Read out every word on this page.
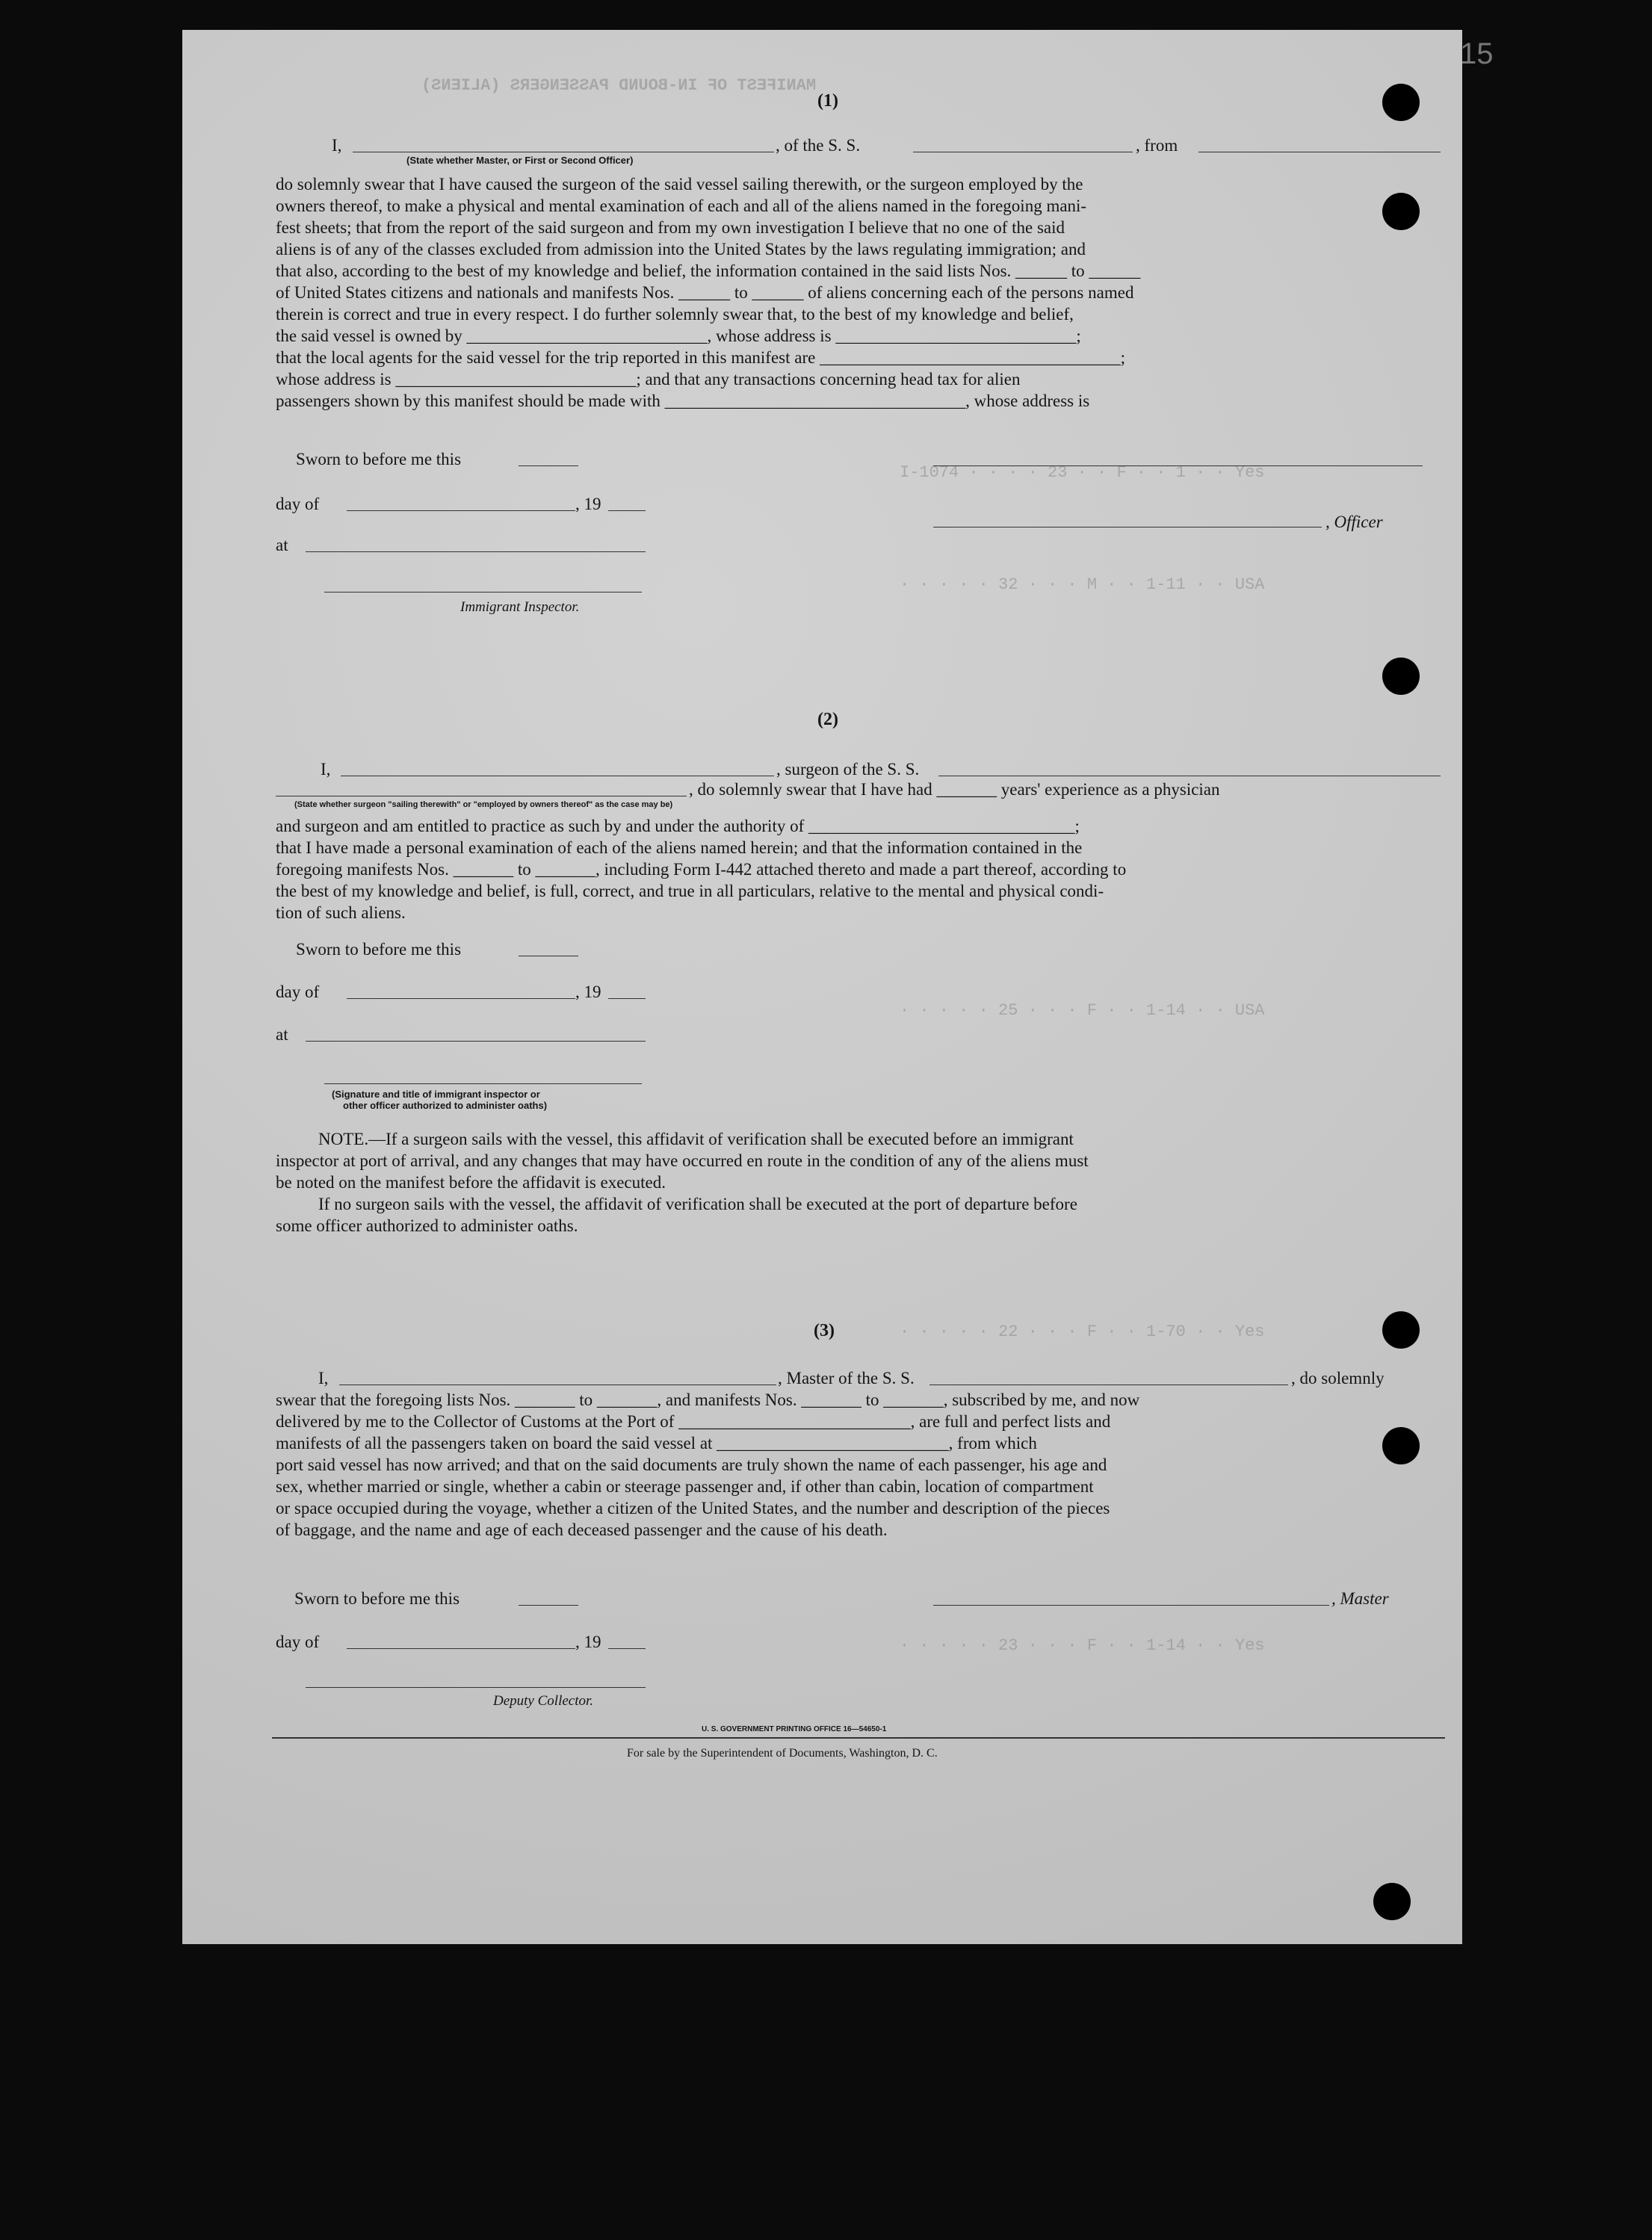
MANIFEST OF IN-BOUND PASSENGERS (ALIENS)
I-1074 · · · · 23 · · F · · 1 · · Yes
· · · · · 32 · · · M · · 1-11 · · USA
· · · · · 25 · · · F · · 1-14 · · USA
· · · · · 22 · · · F · · 1-70 · · Yes
· · · · · 23 · · · F · · 1-14 · · Yes
15
(1)
I,
(State whether Master, or First or Second Officer)
, of the S. S.	, from
do solemnly swear that I have caused the surgeon of the said vessel sailing therewith, or the surgeon employed by the
owners thereof, to make a physical and mental examination of each and all of the aliens named in the foregoing mani-
fest sheets; that from the report of the said surgeon and from my own investigation I believe that no one of the said
aliens is of any of the classes excluded from admission into the United States by the laws regulating immigration; and
that also, according to the best of my knowledge and belief, the information contained in the said lists Nos. ______ to ______
of United States citizens and nationals and manifests Nos. ______ to ______ of aliens concerning each of the persons named
therein is correct and true in every respect. I do further solemnly swear that, to the best of my knowledge and belief,
the said vessel is owned by ____________________________, whose address is ____________________________;
that the local agents for the said vessel for the trip reported in this manifest are ___________________________________;
whose address is ____________________________; and that any transactions concerning head tax for alien
passengers shown by this manifest should be made with ___________________________________, whose address is
Sworn to before me this
day of	, 19
, Officer
at
Immigrant Inspector.
(2)
I,	, surgeon of the S. S.
, do solemnly swear that I have had _______ years' experience as a physician
(State whether surgeon "sailing therewith" or "employed by owners thereof" as the case may be)
and surgeon and am entitled to practice as such by and under the authority of _______________________________;
that I have made a personal examination of each of the aliens named herein; and that the information contained in the
foregoing manifests Nos. _______ to _______, including Form I-442 attached thereto and made a part thereof, according to
the best of my knowledge and belief, is full, correct, and true in all particulars, relative to the mental and physical condi-
tion of such aliens.
Sworn to before me this
day of	, 19
at
(Signature and title of immigrant inspector or
other officer authorized to administer oaths)
NOTE.—If a surgeon sails with the vessel, this affidavit of verification shall be executed before an immigrant
inspector at port of arrival, and any changes that may have occurred en route in the condition of any of the aliens must
be noted on the manifest before the affidavit is executed.
If no surgeon sails with the vessel, the affidavit of verification shall be executed at the port of departure before
some officer authorized to administer oaths.
(3)
I,	, Master of the S. S.	, do solemnly
swear that the foregoing lists Nos. _______ to _______, and manifests Nos. _______ to _______, subscribed by me, and now
delivered by me to the Collector of Customs at the Port of ___________________________, are full and perfect lists and
manifests of all the passengers taken on board the said vessel at ___________________________, from which
port said vessel has now arrived; and that on the said documents are truly shown the name of each passenger, his age and
sex, whether married or single, whether a cabin or steerage passenger and, if other than cabin, location of compartment
or space occupied during the voyage, whether a citizen of the United States, and the number and description of the pieces
of baggage, and the name and age of each deceased passenger and the cause of his death.
Sworn to before me this	, Master
day of	, 19
Deputy Collector.
U. S. GOVERNMENT PRINTING OFFICE 16—54650-1
For sale by the Superintendent of Documents, Washington, D. C.
